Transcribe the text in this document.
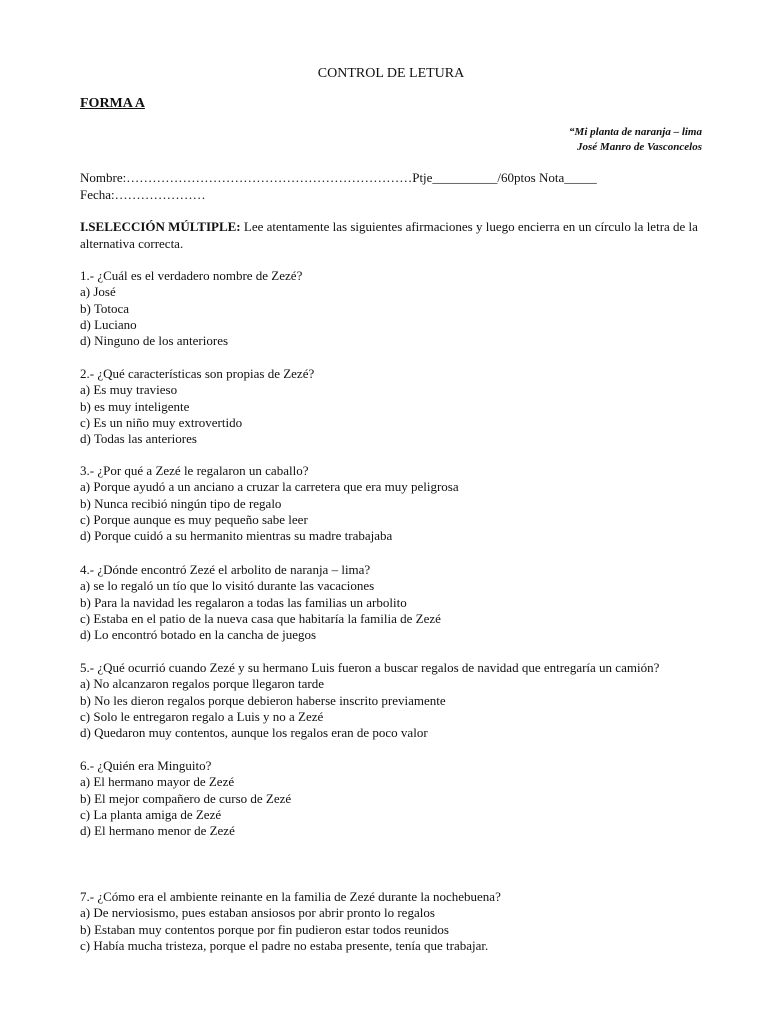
CONTROL DE LETURA
FORMA A
“Mi planta de naranja – lima
José Manro de Vasconcelos
Nombre:…………………………………………………………Ptje__________/60ptos Nota_____
Fecha:…………………
I.SELECCIÓN MÚLTIPLE: Lee atentamente las siguientes afirmaciones y luego encierra en un círculo la letra de la alternativa correcta.
1.- ¿Cuál es el verdadero nombre de Zezé?
a) José
b) Totoca
d) Luciano
d) Ninguno de los anteriores
2.- ¿Qué características son propias de Zezé?
a) Es muy travieso
b) es muy inteligente
c) Es un niño muy extrovertido
d) Todas las anteriores
3.- ¿Por qué a Zezé le regalaron un caballo?
a) Porque ayudó a un anciano a cruzar la carretera que era muy peligrosa
b) Nunca recibió ningún tipo de regalo
c) Porque aunque es muy pequeño sabe leer
d) Porque cuidó a su hermanito mientras su madre trabajaba
4.- ¿Dónde encontró Zezé el arbolito de naranja – lima?
a) se lo regaló un tío que lo visitó durante las vacaciones
b) Para la navidad les regalaron a todas las familias un arbolito
c) Estaba en el patio de la nueva casa que habitaría la familia de Zezé
d) Lo encontró botado en la cancha de juegos
5.- ¿Qué ocurrió cuando Zezé y su hermano Luis fueron a buscar regalos de navidad que entregaría un camión?
a) No alcanzaron regalos porque llegaron tarde
b) No les dieron regalos porque debieron haberse inscrito previamente
c) Solo le entregaron regalo a Luis y no a Zezé
d) Quedaron muy contentos, aunque los regalos eran de poco valor
6.- ¿Quién era Minguito?
a) El hermano mayor de Zezé
b) El mejor compañero de curso de Zezé
c) La planta amiga de Zezé
d) El hermano menor de Zezé
7.- ¿Cómo era el ambiente reinante en la familia de Zezé durante la nochebuena?
a) De nerviosismo, pues estaban ansiosos por abrir pronto lo regalos
b) Estaban muy contentos porque por fin pudieron estar todos reunidos
c) Había mucha tristeza, porque el padre no estaba presente, tenía que trabajar.
